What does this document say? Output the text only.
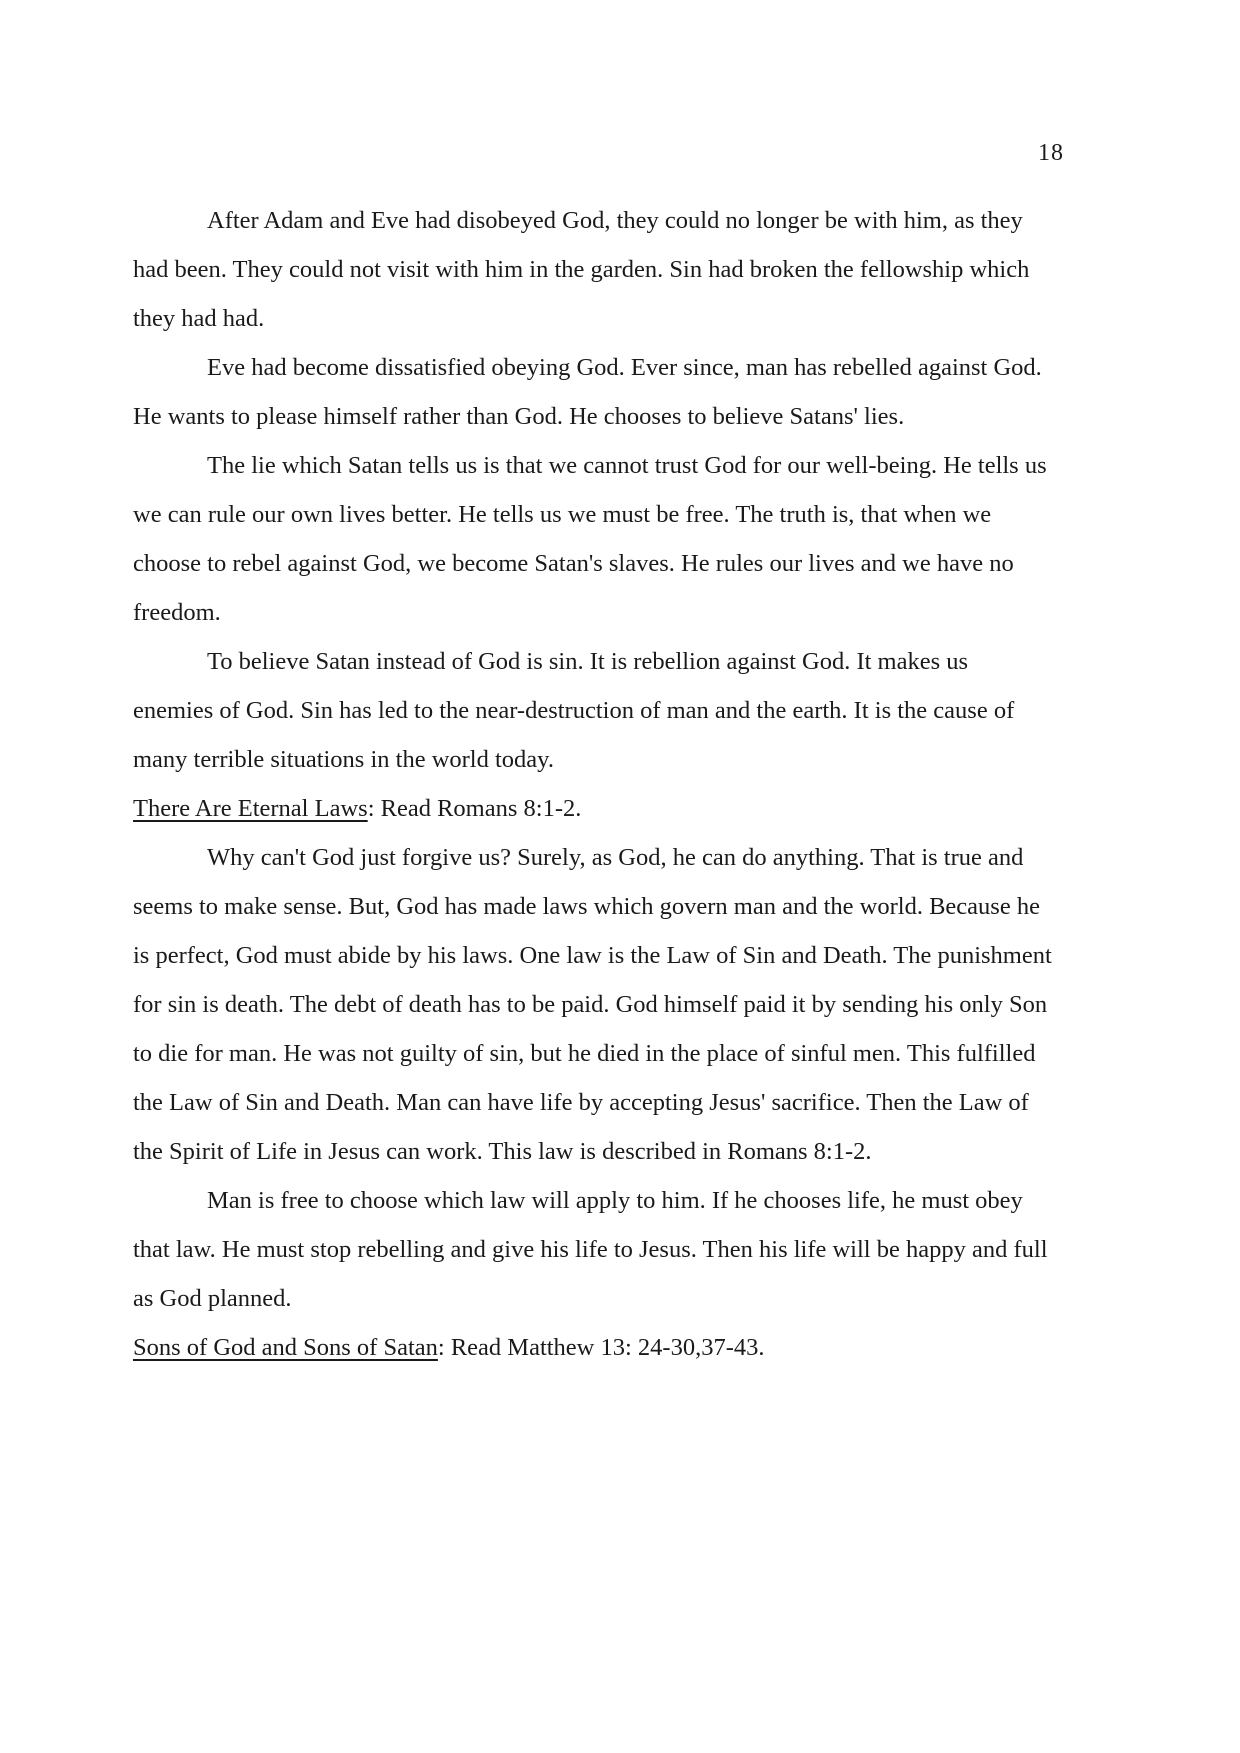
18

After Adam and Eve had disobeyed God, they could no longer be with him, as they had been. They could not visit with him in the garden. Sin had broken the fellowship which they had had.

Eve had become dissatisfied obeying God. Ever since, man has rebelled against God. He wants to please himself rather than God. He chooses to believe Satans' lies.

The lie which Satan tells us is that we cannot trust God for our well-being. He tells us we can rule our own lives better. He tells us we must be free. The truth is, that when we choose to rebel against God, we become Satan's slaves. He rules our lives and we have no freedom.

To believe Satan instead of God is sin. It is rebellion against God. It makes us enemies of God. Sin has led to the near-destruction of man and the earth. It is the cause of many terrible situations in the world today.

There Are Eternal Laws: Read Romans 8:1-2.

Why can't God just forgive us? Surely, as God, he can do anything. That is true and seems to make sense. But, God has made laws which govern man and the world. Because he is perfect, God must abide by his laws. One law is the Law of Sin and Death. The punishment for sin is death. The debt of death has to be paid. God himself paid it by sending his only Son to die for man. He was not guilty of sin, but he died in the place of sinful men. This fulfilled the Law of Sin and Death. Man can have life by accepting Jesus' sacrifice. Then the Law of the Spirit of Life in Jesus can work. This law is described in Romans 8:1-2.

Man is free to choose which law will apply to him. If he chooses life, he must obey that law. He must stop rebelling and give his life to Jesus. Then his life will be happy and full as God planned.

Sons of God and Sons of Satan: Read Matthew 13: 24-30,37-43.
